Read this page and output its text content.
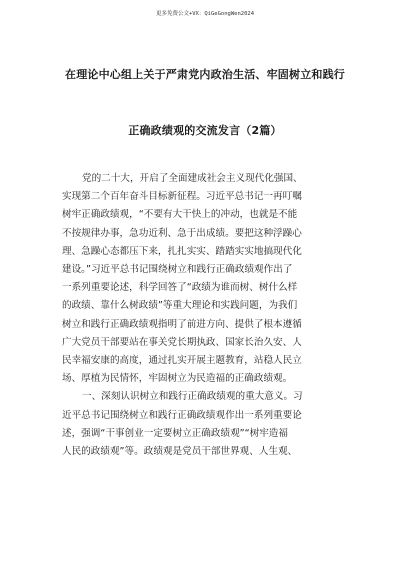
更多免费公文+VX：QiGeGongWen2024
在理论中心组上关于严肃党内政治生活、牢固树立和践行
正确政绩观的交流发言（2篇）
党的二十大，开启了全面建成社会主义现代化强国、
实现第二个百年奋斗目标新征程。习近平总书记一再叮嘱
树牢正确政绩观，“不要有大干快上的冲动，也就是不能
不按规律办事，急功近利、急于出成绩。要把这种浮躁心
理、急躁心态都压下来，扎扎实实、踏踏实实地搞现代化
建设。”习近平总书记围绕树立和践行正确政绩观作出了
一系列重要论述，科学回答了“政绩为谁而树、树什么样
的政绩、靠什么树政绩”等重大理论和实践问题，为我们
树立和践行正确政绩观指明了前进方向、提供了根本遵循
广大党员干部要站在事关党长期执政、国家长治久安、人
民幸福安康的高度，通过扎实开展主题教育，站稳人民立
场、厚植为民情怀，牢固树立为民造福的正确政绩观。
一、深刻认识树立和践行正确政绩观的重大意义。习
近平总书记围绕树立和践行正确政绩观作出一系列重要论
述，强调“干事创业一定要树立正确政绩观”“树牢造福
人民的政绩观”等。政绩观是党员干部世界观、人生观、
